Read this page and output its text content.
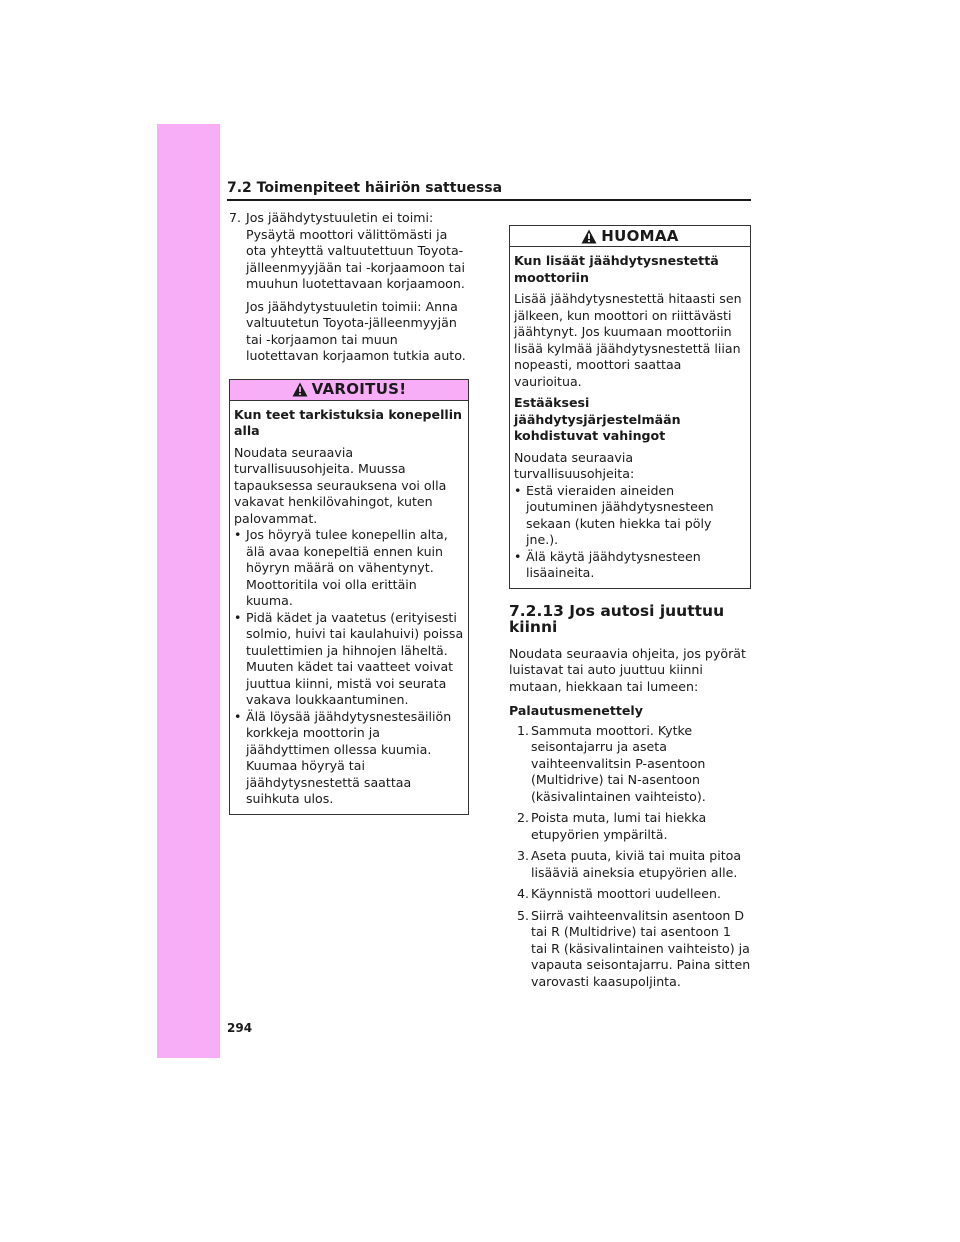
7.2 Toimenpiteet häiriön sattuessa
7. Jos jäähdytystuuletin ei toimi: Pysäytä moottori välittömästi ja ota yhteyttä valtuutettuun Toyota-jälleenmyyjään tai -korjaamoon tai muuhun luotettavaan korjaamoon.

Jos jäähdytystuuletin toimii: Anna valtuutetun Toyota-jälleenmyyjän tai -korjaamon tai muun luotettavan korjaamon tutkia auto.

VAROITUS!

Kun teet tarkistuksia konepellin alla

Noudata seuraavia turvallisuusohjeita. Muussa tapauksessa seurauksena voi olla vakavat henkilövahingot, kuten palovammat.

• Jos höyryä tulee konepellin alta, älä avaa konepeltiä ennen kuin höyryn määrä on vähentynyt. Moottoritila voi olla erittäin kuuma.

• Pidä kädet ja vaatetus (erityisesti solmio, huivi tai kaulahuivi) poissa tuulettimien ja hihnojen läheltä. Muuten kädet tai vaatteet voivat juuttua kiinni, mistä voi seurata vakava loukkaantuminen.

• Älä löysää jäähdytysnestesäiliön korkkeja moottorin ja jäähdyttimen ollessa kuumia. Kuumaa höyryä tai jäähdytysnestettä saattaa suihkuta ulos.

HUOMAA

Kun lisäät jäähdytysnestettä moottoriin

Lisää jäähdytysnestettä hitaasti sen jälkeen, kun moottori on riittävästi jäähtynyt. Jos kuumaan moottoriin lisää kylmää jäähdytysnestettä liian nopeasti, moottori saattaa vaurioitua.

Estääksesi jäähdytysjärjestelmään kohdistuvat vahingot

Noudata seuraavia turvallisuusohjeita:

• Estä vieraiden aineiden joutuminen jäähdytysnesteen sekaan (kuten hiekka tai pöly jne.).

• Älä käytä jäähdytysnesteen lisäaineita.

7.2.13 Jos autosi juuttuu kiinni

Noudata seuraavia ohjeita, jos pyörät luistavat tai auto juuttuu kiinni mutaan, hiekkaan tai lumeen:

Palautusmenettely

1. Sammuta moottori. Kytke seisontajarru ja aseta vaihteenvalitsin P-asentoon (Multidrive) tai N-asentoon (käsivalintainen vaihteisto).
2. Poista muta, lumi tai hiekka etupyörien ympäriltä.
3. Aseta puuta, kiviä tai muita pitoa lisääviä aineksia etupyörien alle.
4. Käynnistä moottori uudelleen.
5. Siirrä vaihteenvalitsin asentoon D tai R (Multidrive) tai asentoon 1 tai R (käsivalintainen vaihteisto) ja vapauta seisontajarru. Paina sitten varovasti kaasupoljinta.
294
